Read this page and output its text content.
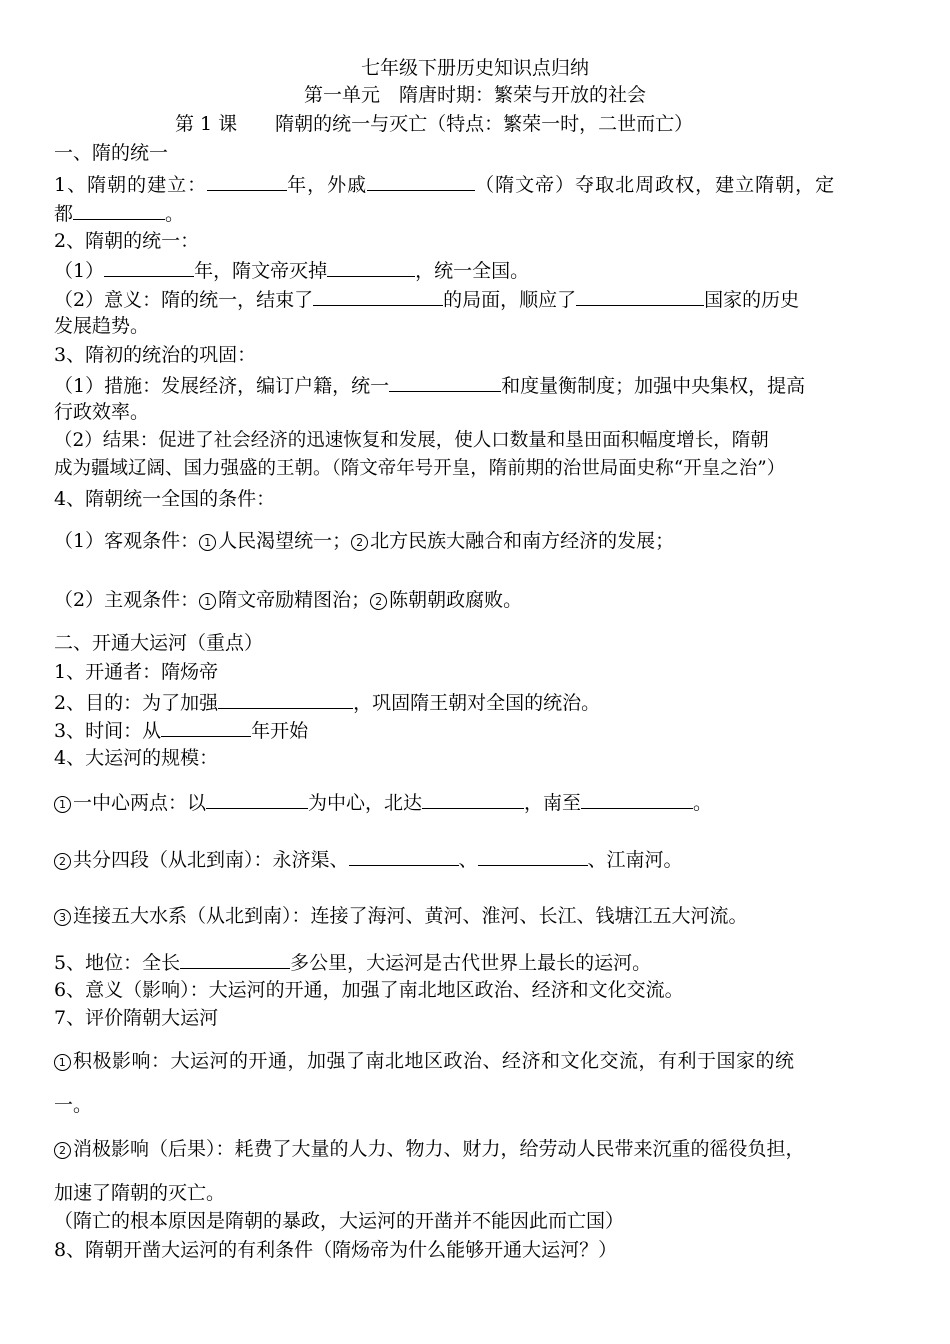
七年级下册历史知识点归纳
第一单元　隋唐时期：繁荣与开放的社会
第 1 课　　隋朝的统一与灭亡（特点：繁荣一时，二世而亡）
一、隋的统一
1、隋朝的建立：	年，外戚	（隋文帝）夺取北周政权，建立隋朝，定
都	。
2、隋朝的统一：
（1）	年，隋文帝灭掉	，统一全国。
（2）意义：隋的统一，结束了	的局面，顺应了	国家的历史
发展趋势。
3、隋初的统治的巩固：
（1）措施：发展经济，编订户籍，统一	和度量衡制度；加强中央集权，提高
行政效率。
（2）结果：促进了社会经济的迅速恢复和发展，使人口数量和垦田面积幅度增长，隋朝
成为疆域辽阔、国力强盛的王朝。（隋文帝年号开皇，隋前期的治世局面史称“开皇之治”）
4、隋朝统一全国的条件：
（1）客观条件： 1 人民渴望统一； 2 北方民族大融合和南方经济的发展；
（2）主观条件： 1 隋文帝励精图治； 2 陈朝朝政腐败。
二、开通大运河（重点）
1、开通者：隋炀帝
2、目的：为了加强	，巩固隋王朝对全国的统治。
3、时间：从	年开始
4、大运河的规模：
1 一中心两点：以	为中心，北达	，南至	。
2 共分四段（从北到南）：永济渠、	、	、江南河。
3 连接五大水系（从北到南）：连接了海河、黄河、淮河、长江、钱塘江五大河流。
5、地位：全长	多公里，大运河是古代世界上最长的运河。
6、意义（影响）：大运河的开通，加强了南北地区政治、经济和文化交流。
7、评价隋朝大运河
1 积极影响：大运河的开通，加强了南北地区政治、经济和文化交流，有利于国家的统
一。
2 消极影响（后果）：耗费了大量的人力、物力、财力，给劳动人民带来沉重的徭役负担，
加速了隋朝的灭亡。
（隋亡的根本原因是隋朝的暴政，大运河的开凿并不能因此而亡国）
8、隋朝开凿大运河的有利条件（隋炀帝为什么能够开通大运河？）
